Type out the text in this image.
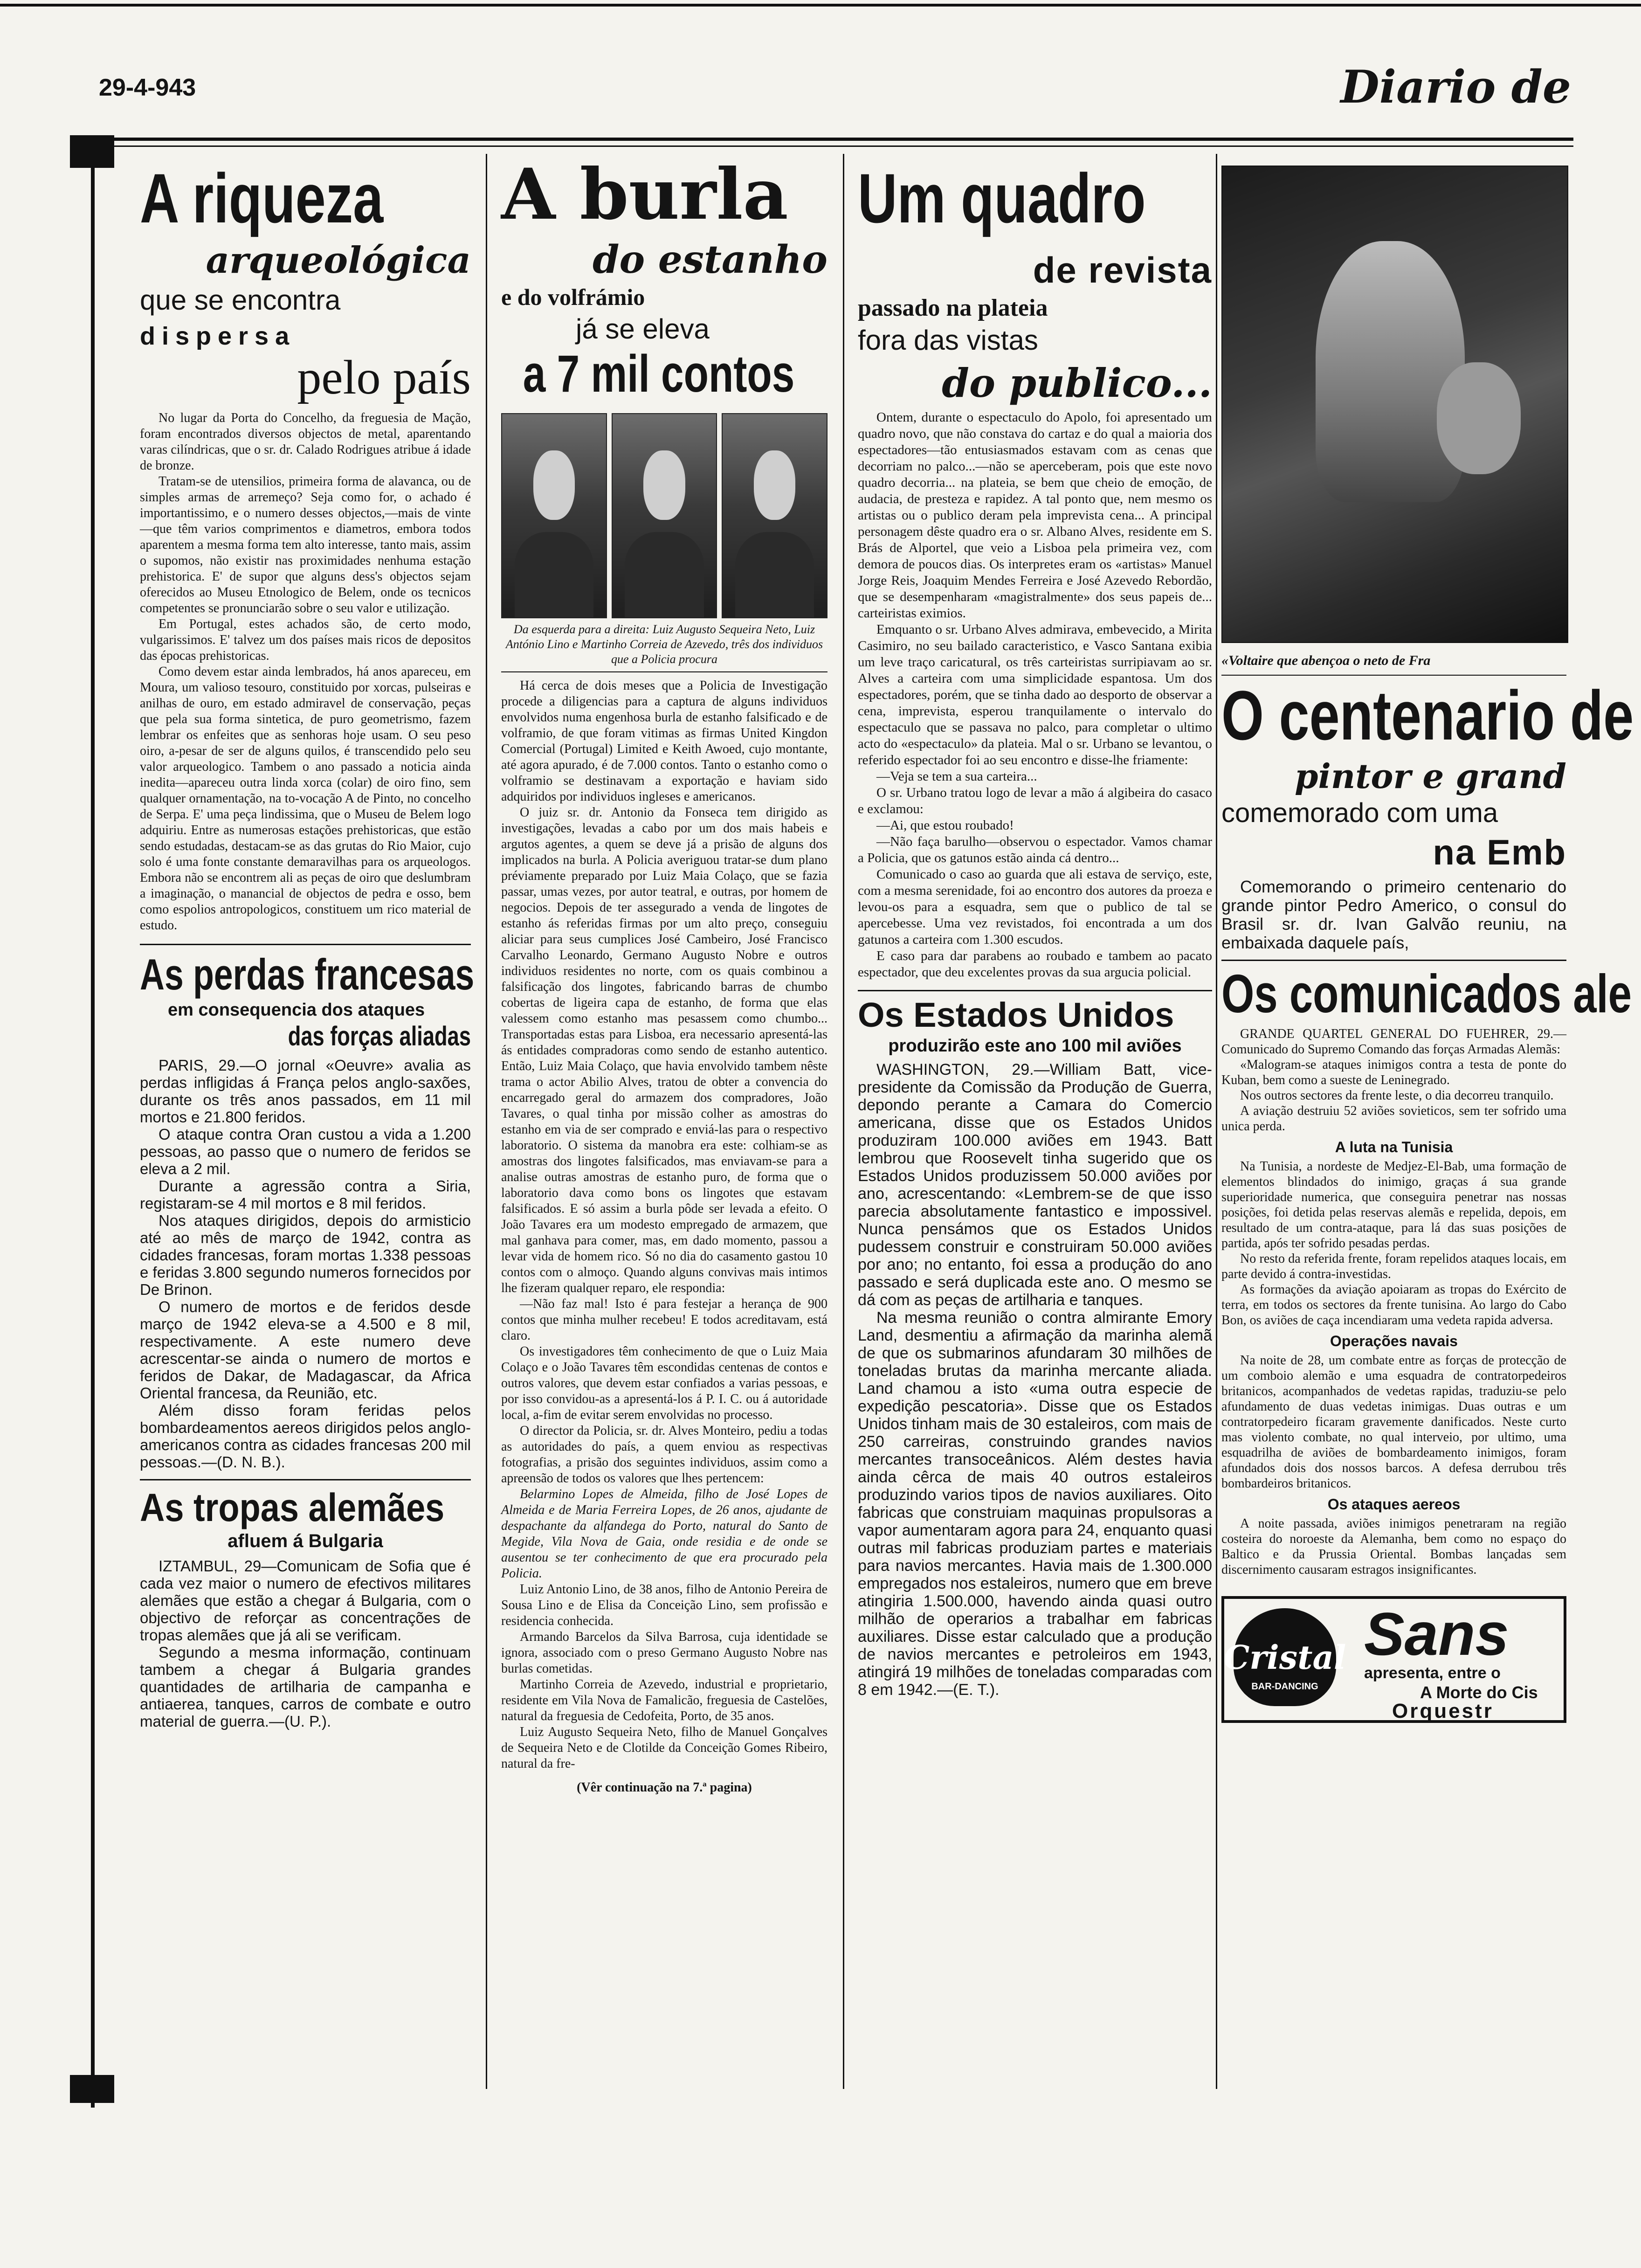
29-4-943	Diario de
A riqueza
arqueológica
que se encontra
dispersa
pelo país

No lugar da Porta do Concelho, da freguesia de Mação, foram encontrados diversos objectos de metal, aparentando varas cilíndricas, que o sr. dr. Calado Rodrigues atribue á idade de bronze.

Tratam-se de utensilios, primeira forma de alavanca, ou de simples armas de arremeço? Seja como for, o achado é importantissimo, e o numero desses objectos,—mais de vinte—que têm varios comprimentos e diametros, embora todos aparentem a mesma forma tem alto interesse, tanto mais, assim o supomos, não existir nas proximidades nenhuma estação prehistorica. E' de supor que alguns dess's objectos sejam oferecidos ao Museu Etnologico de Belem, onde os tecnicos competentes se pronunciarão sobre o seu valor e utilização.

Em Portugal, estes achados são, de certo modo, vulgarissimos. E' talvez um dos países mais ricos de depositos das épocas prehistoricas.

Como devem estar ainda lembrados, há anos apareceu, em Moura, um valioso tesouro, constituido por xorcas, pulseiras e anilhas de ouro, em estado admiravel de conservação, peças que pela sua forma sintetica, de puro geometrismo, fazem lembrar os enfeites que as senhoras hoje usam. O seu peso oiro, a-pesar de ser de alguns quilos, é transcendido pelo seu valor arqueologico. Tambem o ano passado a noticia ainda inedita—apareceu outra linda xorca (colar) de oiro fino, sem qualquer ornamentação, na to-vocação A de Pinto, no concelho de Serpa. E' uma peça lindissima, que o Museu de Belem logo adquiriu. Entre as numerosas estações prehistoricas, que estão sendo estudadas, destacam-se as das grutas do Rio Maior, cujo solo é uma fonte constante demaravilhas para os arqueologos. Embora não se encontrem ali as peças de oiro que deslumbram a imaginação, o manancial de objectos de pedra e osso, bem como espolios antropologicos, constituem um rico material de estudo.

As perdas francesas
em consequencia dos ataques
das forças aliadas

PARIS, 29.—O jornal «Oeuvre» avalia as perdas infligidas á França pelos anglo-saxões, durante os três anos passados, em 11 mil mortos e 21.800 feridos.

O ataque contra Oran custou a vida a 1.200 pessoas, ao passo que o numero de feridos se eleva a 2 mil.

Durante a agressão contra a Siria, registaram-se 4 mil mortos e 8 mil feridos.

Nos ataques dirigidos, depois do armisticio até ao mês de março de 1942, contra as cidades francesas, foram mortas 1.338 pessoas e feridas 3.800 segundo numeros fornecidos por De Brinon.

O numero de mortos e de feridos desde março de 1942 eleva-se a 4.500 e 8 mil, respectivamente. A este numero deve acrescentar-se ainda o numero de mortos e feridos de Dakar, de Madagascar, da Africa Oriental francesa, da Reunião, etc.

Além disso foram feridas pelos bombardeamentos aereos dirigidos pelos anglo-americanos contra as cidades francesas 200 mil pessoas.—(D. N. B.).

As tropas alemães
afluem á Bulgaria

IZTAMBUL, 29—Comunicam de Sofia que é cada vez maior o numero de efectivos militares alemães que estão a chegar á Bulgaria, com o objectivo de reforçar as concentrações de tropas alemães que já ali se verificam.

Segundo a mesma informação, continuam tambem a chegar á Bulgaria grandes quantidades de artilharia de campanha e antiaerea, tanques, carros de combate e outro material de guerra.—(U. P.).

A burla
do estanho
e do volfrámio
já se eleva
a 7 mil contos
Da esquerda para a direita: Luiz Augusto Sequeira Neto, Luiz António Lino e Martinho Correia de Azevedo, três dos individuos que a Policia procura

Há cerca de dois meses que a Policia de Investigação procede a diligencias para a captura de alguns individuos envolvidos numa engenhosa burla de estanho falsificado e de volframio, de que foram vitimas as firmas United Kingdon Comercial (Portugal) Limited e Keith Awoed, cujo montante, até agora apurado, é de 7.000 contos. Tanto o estanho como o volframio se destinavam a exportação e haviam sido adquiridos por individuos ingleses e americanos.

O juiz sr. dr. Antonio da Fonseca tem dirigido as investigações, levadas a cabo por um dos mais habeis e argutos agentes, a quem se deve já a prisão de alguns dos implicados na burla. A Policia averiguou tratar-se dum plano préviamente preparado por Luiz Maia Colaço, que se fazia passar, umas vezes, por autor teatral, e outras, por homem de negocios. Depois de ter assegurado a venda de lingotes de estanho ás referidas firmas por um alto preço, conseguiu aliciar para seus cumplices José Cambeiro, José Francisco Carvalho Leonardo, Germano Augusto Nobre e outros individuos residentes no norte, com os quais combinou a falsificação dos lingotes, fabricando barras de chumbo cobertas de ligeira capa de estanho, de forma que elas valessem como estanho mas pesassem como chumbo... Transportadas estas para Lisboa, era necessario apresentá-las ás entidades compradoras como sendo de estanho autentico. Então, Luiz Maia Colaço, que havia envolvido tambem nêste trama o actor Abilio Alves, tratou de obter a convencia do encarregado geral do armazem dos compradores, João Tavares, o qual tinha por missão colher as amostras do estanho em via de ser comprado e enviá-las para o respectivo laboratorio. O sistema da manobra era este: colhiam-se as amostras dos lingotes falsificados, mas enviavam-se para a analise outras amostras de estanho puro, de forma que o laboratorio dava como bons os lingotes que estavam falsificados. E só assim a burla pôde ser levada a efeito. O João Tavares era um modesto empregado de armazem, que mal ganhava para comer, mas, em dado momento, passou a levar vida de homem rico. Só no dia do casamento gastou 10 contos com o almoço. Quando alguns convivas mais intimos lhe fizeram qualquer reparo, ele respondia:

—Não faz mal! Isto é para festejar a herança de 900 contos que minha mulher recebeu! E todos acreditavam, está claro.

Os investigadores têm conhecimento de que o Luiz Maia Colaço e o João Tavares têm escondidas centenas de contos e outros valores, que devem estar confiados a varias pessoas, e por isso convidou-as a apresentá-los á P. I. C. ou á autoridade local, a-fim de evitar serem envolvidas no processo.

O director da Policia, sr. dr. Alves Monteiro, pediu a todas as autoridades do país, a quem enviou as respectivas fotografias, a prisão dos seguintes individuos, assim como a apreensão de todos os valores que lhes pertencem:

Belarmino Lopes de Almeida, filho de José Lopes de Almeida e de Maria Ferreira Lopes, de 26 anos, ajudante de despachante da alfandega do Porto, natural do Santo de Megide, Vila Nova de Gaia, onde residia e de onde se ausentou se ter conhecimento de que era procurado pela Policia.

Luiz Antonio Lino, de 38 anos, filho de Antonio Pereira de Sousa Lino e de Elisa da Conceição Lino, sem profissão e residencia conhecida.

Armando Barcelos da Silva Barrosa, cuja identidade se ignora, associado com o preso Germano Augusto Nobre nas burlas cometidas.

Martinho Correia de Azevedo, industrial e proprietario, residente em Vila Nova de Famalicão, freguesia de Castelões, natural da freguesia de Cedofeita, Porto, de 35 anos.

Luiz Augusto Sequeira Neto, filho de Manuel Gonçalves de Sequeira Neto e de Clotilde da Conceição Gomes Ribeiro, natural da fre-

(Vêr continuação na 7.ª pagina)
Um quadro
de revista
passado na plateia
fora das vistas
do publico...

Ontem, durante o espectaculo do Apolo, foi apresentado um quadro novo, que não constava do cartaz e do qual a maioria dos espectadores—tão entusiasmados estavam com as cenas que decorriam no palco...—não se aperceberam, pois que este novo quadro decorria... na plateia, se bem que cheio de emoção, de audacia, de presteza e rapidez. A tal ponto que, nem mesmo os artistas ou o publico deram pela imprevista cena... A principal personagem dêste quadro era o sr. Albano Alves, residente em S. Brás de Alportel, que veio a Lisboa pela primeira vez, com demora de poucos dias. Os interpretes eram os «artistas» Manuel Jorge Reis, Joaquim Mendes Ferreira e José Azevedo Rebordão, que se desempenharam «magistralmente» dos seus papeis de... carteiristas eximios.

Emquanto o sr. Urbano Alves admirava, embevecido, a Mirita Casimiro, no seu bailado caracteristico, e Vasco Santana exibia um leve traço caricatural, os três carteiristas surripiavam ao sr. Alves a carteira com uma simplicidade espantosa. Um dos espectadores, porém, que se tinha dado ao desporto de observar a cena, imprevista, esperou tranquilamente o intervalo do espectaculo que se passava no palco, para completar o ultimo acto do «espectaculo» da plateia. Mal o sr. Urbano se levantou, o referido espectador foi ao seu encontro e disse-lhe friamente:

—Veja se tem a sua carteira...

O sr. Urbano tratou logo de levar a mão á algibeira do casaco e exclamou:

—Ai, que estou roubado!

—Não faça barulho—observou o espectador. Vamos chamar a Policia, que os gatunos estão ainda cá dentro...

Comunicado o caso ao guarda que ali estava de serviço, este, com a mesma serenidade, foi ao encontro dos autores da proeza e levou-os para a esquadra, sem que o publico de tal se apercebesse. Uma vez revistados, foi encontrada a um dos gatunos a carteira com 1.300 escudos.

E caso para dar parabens ao roubado e tambem ao pacato espectador, que deu excelentes provas da sua argucia policial.

Os Estados Unidos
produzirão este ano 100 mil aviões

WASHINGTON, 29.—William Batt, vice-presidente da Comissão da Produção de Guerra, depondo perante a Camara do Comercio americana, disse que os Estados Unidos produziram 100.000 aviões em 1943. Batt lembrou que Roosevelt tinha sugerido que os Estados Unidos produzissem 50.000 aviões por ano, acrescentando: «Lembrem-se de que isso parecia absolutamente fantastico e impossivel. Nunca pensámos que os Estados Unidos pudessem construir e construiram 50.000 aviões por ano; no entanto, foi essa a produção do ano passado e será duplicada este ano. O mesmo se dá com as peças de artilharia e tanques.

Na mesma reunião o contra almirante Emory Land, desmentiu a afirmação da marinha alemã de que os submarinos afundaram 30 milhões de toneladas brutas da marinha mercante aliada. Land chamou a isto «uma outra especie de expedição pescatoria». Disse que os Estados Unidos tinham mais de 30 estaleiros, com mais de 250 carreiras, construindo grandes navios mercantes transoceânicos. Além destes havia ainda cêrca de mais 40 outros estaleiros produzindo varios tipos de navios auxiliares. Oito fabricas que construiam maquinas propulsoras a vapor aumentaram agora para 24, enquanto quasi outras mil fabricas produziam partes e materiais para navios mercantes. Havia mais de 1.300.000 empregados nos estaleiros, numero que em breve atingiria 1.500.000, havendo ainda quasi outro milhão de operarios a trabalhar em fabricas auxiliares. Disse estar calculado que a produção de navios mercantes e petroleiros em 1943, atingirá 19 milhões de toneladas comparadas com 8 em 1942.—(E. T.).

«Voltaire que abençoa o neto de Fra
O centenario de
pintor e grand
comemorado com uma
na Emb

Comemorando o primeiro centenario do grande pintor Pedro Americo, o consul do Brasil sr. dr. Ivan Galvão reuniu, na embaixada daquele país,

Os comunicados ale

GRANDE QUARTEL GENERAL DO FUEHRER, 29.—Comunicado do Supremo Comando das forças Armadas Alemãs:

«Malogram-se ataques inimigos contra a testa de ponte do Kuban, bem como a sueste de Leninegrado.

Nos outros sectores da frente leste, o dia decorreu tranquilo.

A aviação destruiu 52 aviões sovieticos, sem ter sofrido uma unica perda.

A luta na Tunisia

Na Tunisia, a nordeste de Medjez-El-Bab, uma formação de elementos blindados do inimigo, graças á sua grande superioridade numerica, que conseguira penetrar nas nossas posições, foi detida pelas reservas alemãs e repelida, depois, em resultado de um contra-ataque, para lá das suas posições de partida, após ter sofrido pesadas perdas.

No resto da referida frente, foram repelidos ataques locais, em parte devido á contra-investidas.

As formações da aviação apoiaram as tropas do Exército de terra, em todos os sectores da frente tunisina. Ao largo do Cabo Bon, os aviões de caça incendiaram uma vedeta rapida adversa.

Operações navais

Na noite de 28, um combate entre as forças de protecção de um comboio alemão e uma esquadra de contratorpedeiros britanicos, acompanhados de vedetas rapidas, traduziu-se pelo afundamento de duas vedetas inimigas. Duas outras e um contratorpedeiro ficaram gravemente danificados. Neste curto mas violento combate, no qual interveio, por ultimo, uma esquadrilha de aviões de bombardeamento inimigos, foram afundados dois dos nossos barcos. A defesa derrubou três bombardeiros britanicos.

Os ataques aereos

A noite passada, aviões inimigos penetraram na região costeira do noroeste da Alemanha, bem como no espaço do Baltico e da Prussia Oriental. Bombas lançadas sem discernimento causaram estragos insignificantes.

Cristal
BAR-DANCING
Sans
apresenta, entre o
A Morte do Cis
Orquestr
